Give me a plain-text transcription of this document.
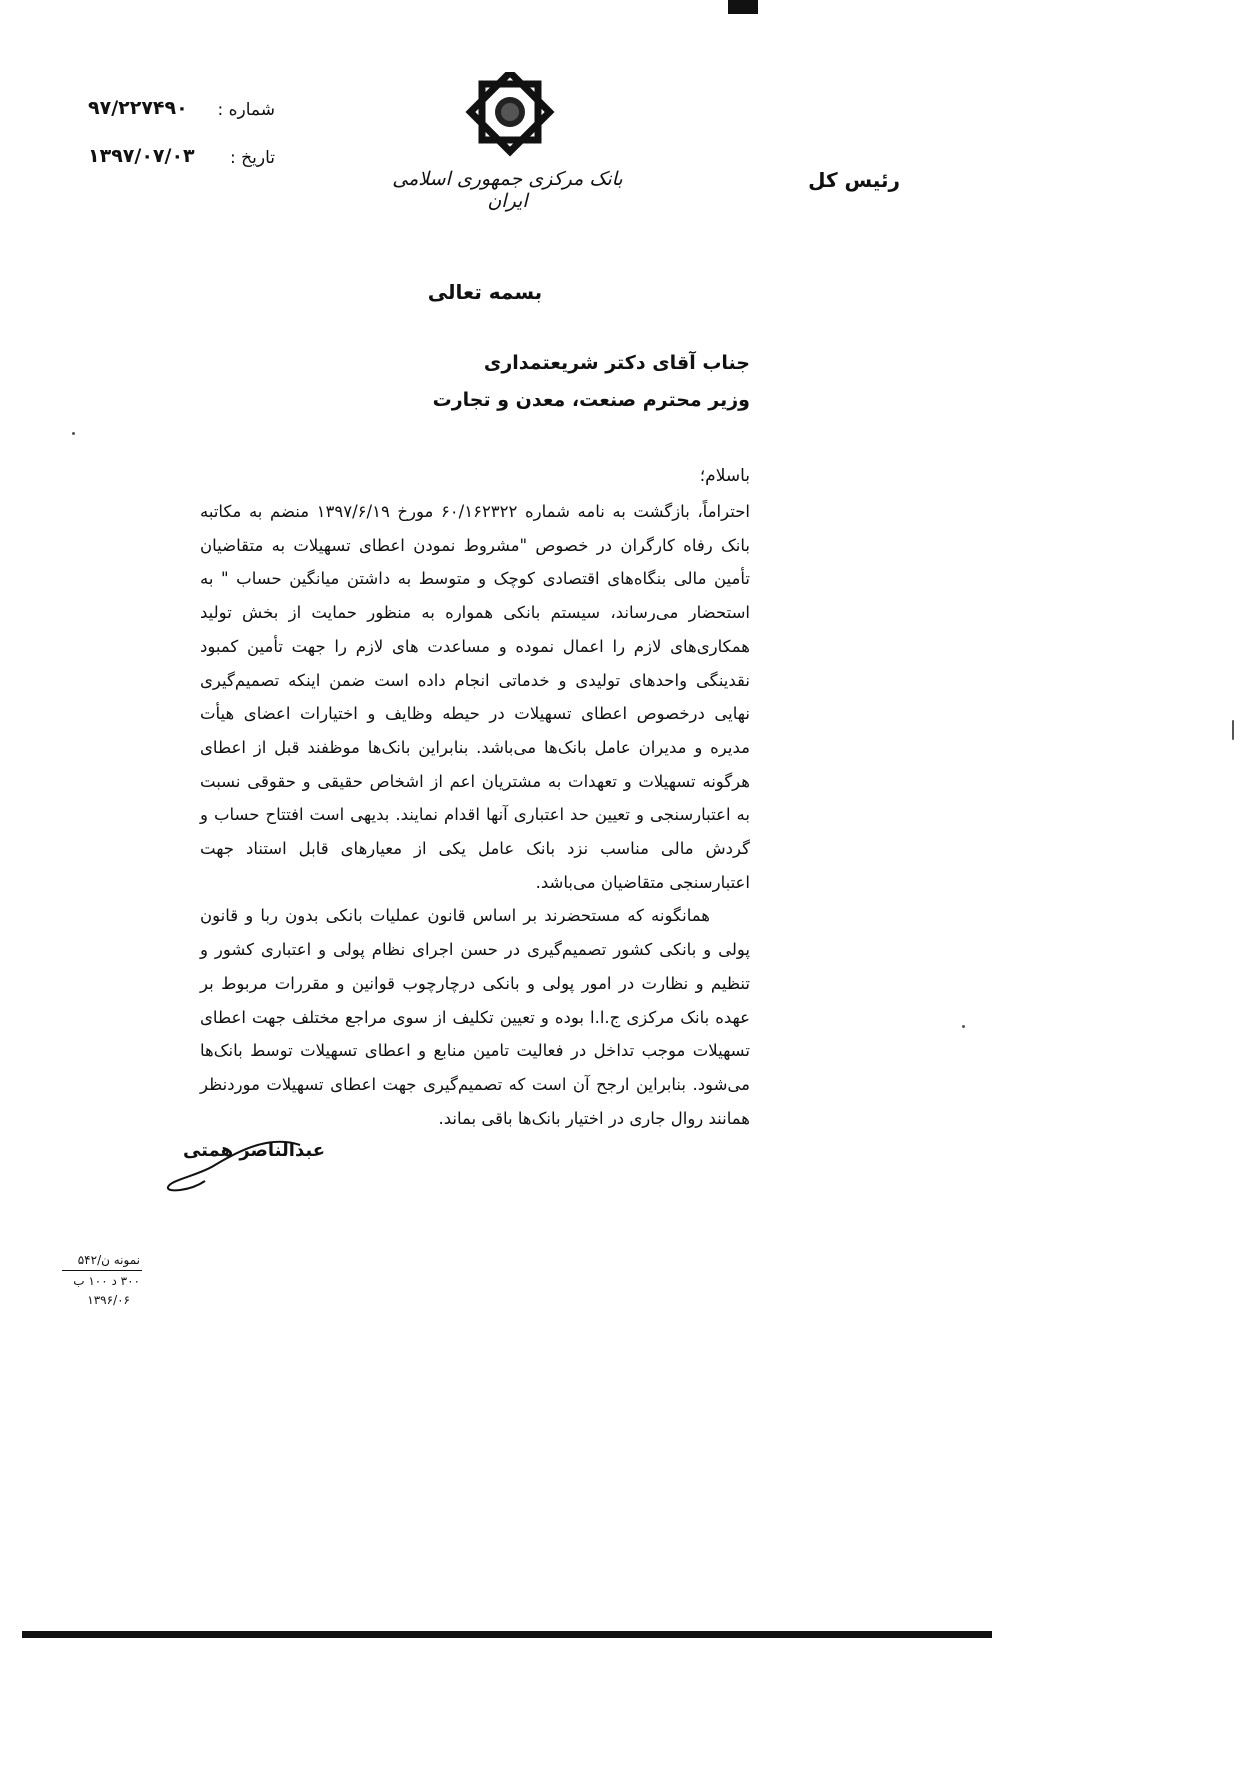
شماره :
۹۷/۲۲۷۴۹۰
تاریخ :
۱۳۹۷/۰۷/۰۳
بانک مرکزی جمهوری اسلامی ایران
رئیس کل
بسمه تعالی
جناب آقای دکتر شریعتمداری
وزیر محترم صنعت، معدن و تجارت
باسلام؛

احتراماً، بازگشت به نامه شماره ۶۰/۱۶۲۳۲۲ مورخ ۱۳۹۷/۶/۱۹ منضم به مکاتبه بانک رفاه کارگران در خصوص "مشروط نمودن اعطای تسهیلات به متقاضیان تأمین مالی بنگاه‌های اقتصادی کوچک و متوسط به داشتن میانگین حساب " به استحضار می‌رساند، سیستم بانکی همواره به منظور حمایت از بخش تولید همکاری‌های لازم را اعمال نموده و مساعدت های لازم را جهت تأمین کمبود نقدینگی واحدهای تولیدی و خدماتی انجام داده است ضمن اینکه تصمیم‌گیری نهایی درخصوص اعطای تسهیلات در حیطه وظایف و اختیارات اعضای هیأت مدیره و مدیران عامل بانک‌ها می‌باشد. بنابراین بانک‌ها موظفند قبل از اعطای هرگونه تسهیلات و تعهدات به مشتریان اعم از اشخاص حقیقی و حقوقی نسبت به اعتبارسنجی و تعیین حد اعتباری آنها اقدام نمایند. بدیهی است افتتاح حساب و گردش مالی مناسب نزد بانک عامل یکی از معیارهای قابل استناد جهت اعتبارسنجی متقاضیان می‌باشد.

همانگونه که مستحضرند بر اساس قانون عملیات بانکی بدون ربا و قانون پولی و بانکی کشور تصمیم‌گیری در حسن اجرای نظام پولی و اعتباری کشور و تنظیم و نظارت در امور پولی و بانکی درچارچوب قوانین و مقررات مربوط بر عهده بانک مرکزی ج.ا.ا بوده و تعیین تکلیف از سوی مراجع مختلف جهت اعطای تسهیلات موجب تداخل در فعالیت تامین منابع و اعطای تسهیلات توسط بانک‌ها می‌شود. بنابراین ارجح آن است که تصمیم‌گیری جهت اعطای تسهیلات موردنظر همانند روال جاری در اختیار بانک‌ها باقی بماند.

عبدالناصر همتی
نمونه ن/۵۴۲
۳۰۰ د ۱۰۰ ب
۱۳۹۶/۰۶
